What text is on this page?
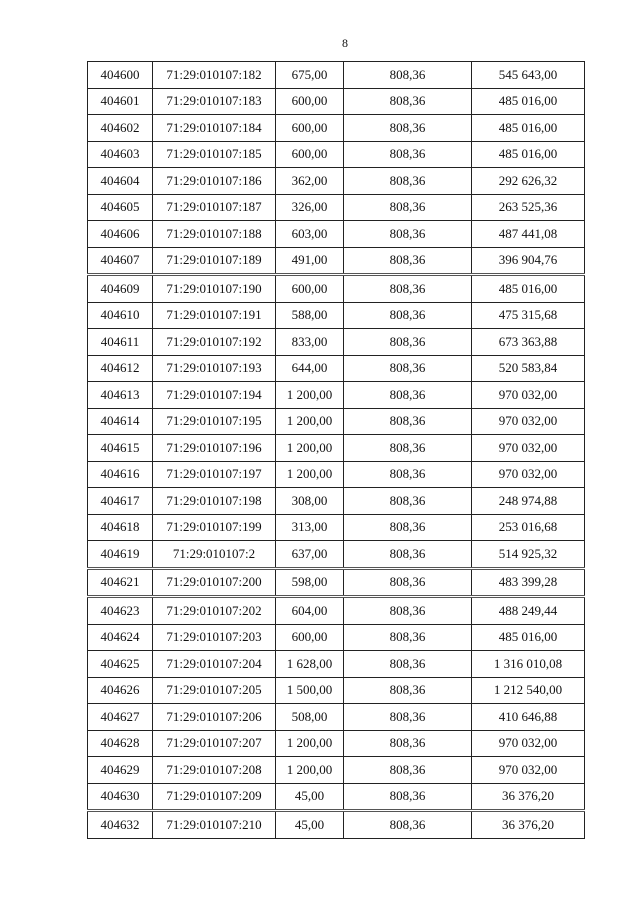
8
404600	71:29:010107:182	675,00	808,36	545 643,00
404601	71:29:010107:183	600,00	808,36	485 016,00
404602	71:29:010107:184	600,00	808,36	485 016,00
404603	71:29:010107:185	600,00	808,36	485 016,00
404604	71:29:010107:186	362,00	808,36	292 626,32
404605	71:29:010107:187	326,00	808,36	263 525,36
404606	71:29:010107:188	603,00	808,36	487 441,08
404607	71:29:010107:189	491,00	808,36	396 904,76
404609	71:29:010107:190	600,00	808,36	485 016,00
404610	71:29:010107:191	588,00	808,36	475 315,68
404611	71:29:010107:192	833,00	808,36	673 363,88
404612	71:29:010107:193	644,00	808,36	520 583,84
404613	71:29:010107:194	1 200,00	808,36	970 032,00
404614	71:29:010107:195	1 200,00	808,36	970 032,00
404615	71:29:010107:196	1 200,00	808,36	970 032,00
404616	71:29:010107:197	1 200,00	808,36	970 032,00
404617	71:29:010107:198	308,00	808,36	248 974,88
404618	71:29:010107:199	313,00	808,36	253 016,68
404619	71:29:010107:2	637,00	808,36	514 925,32
404621	71:29:010107:200	598,00	808,36	483 399,28
404623	71:29:010107:202	604,00	808,36	488 249,44
404624	71:29:010107:203	600,00	808,36	485 016,00
404625	71:29:010107:204	1 628,00	808,36	1 316 010,08
404626	71:29:010107:205	1 500,00	808,36	1 212 540,00
404627	71:29:010107:206	508,00	808,36	410 646,88
404628	71:29:010107:207	1 200,00	808,36	970 032,00
404629	71:29:010107:208	1 200,00	808,36	970 032,00
404630	71:29:010107:209	45,00	808,36	36 376,20
404632	71:29:010107:210	45,00	808,36	36 376,20
